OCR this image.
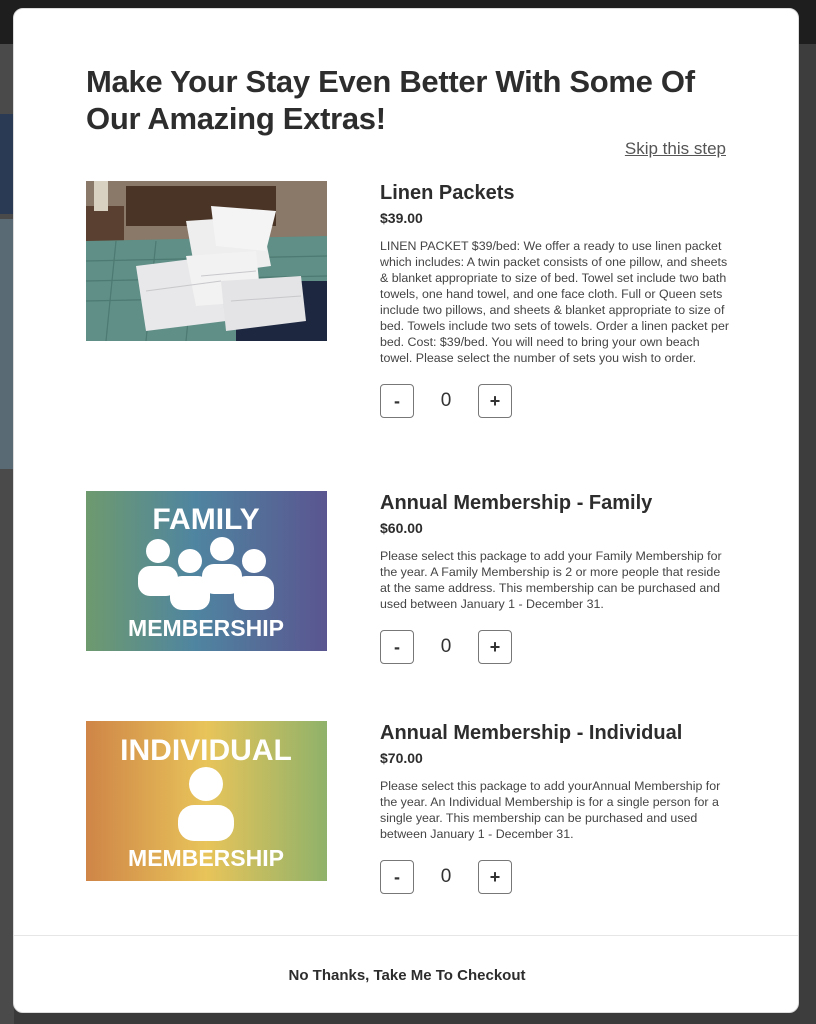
Make Your Stay Even Better With Some Of Our Amazing Extras!
Skip this step
Linen Packets
$39.00
LINEN PACKET $39/bed: We offer a ready to use linen packet which includes: A twin packet consists of one pillow, and sheets & blanket appropriate to size of bed. Towel set include two bath towels, one hand towel, and one face cloth. Full or Queen sets include two pillows, and sheets & blanket appropriate to size of bed. Towels include two sets of towels. Order a linen packet per bed. Cost: $39/bed. You will need to bring your own beach towel. Please select the number of sets you wish to order.
-	0	+
FAMILY
MEMBERSHIP
Annual Membership - Family
$60.00
Please select this package to add your Family Membership for the year. A Family Membership is 2 or more people that reside at the same address. This membership can be purchased and used between January 1 - December 31.
-	0	+
INDIVIDUAL
MEMBERSHIP
Annual Membership - Individual
$70.00
Please select this package to add yourAnnual Membership for the year. An Individual Membership is for a single person for a single year. This membership can be purchased and used between January 1 - December 31.
-	0	+
No Thanks, Take Me To Checkout
